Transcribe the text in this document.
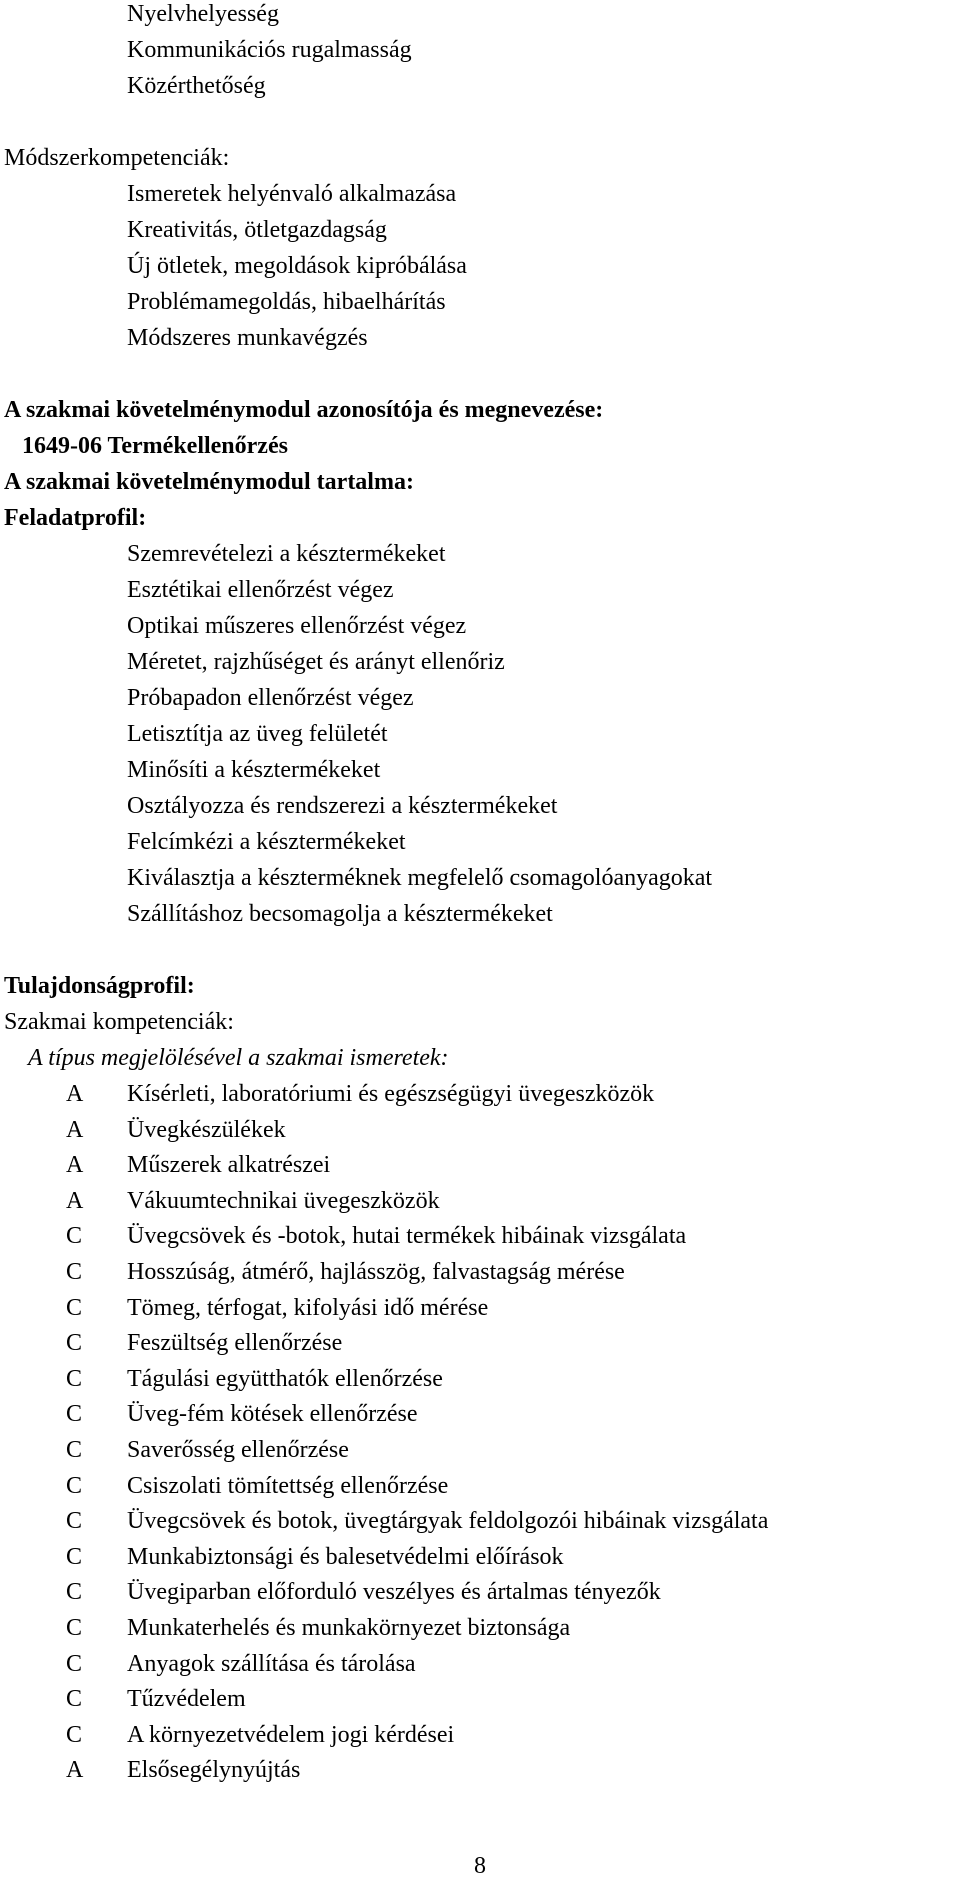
Nyelvhelyesség
Kommunikációs rugalmasság
Közérthetőség
Módszerkompetenciák:
Ismeretek helyénvaló alkalmazása
Kreativitás, ötletgazdagság
Új ötletek, megoldások kipróbálása
Problémamegoldás, hibaelhárítás
Módszeres munkavégzés
A szakmai követelménymodul azonosítója és megnevezése:
1649-06 Termékellenőrzés
A szakmai követelménymodul tartalma:
Feladatprofil:
Szemrevételezi a késztermékeket
Esztétikai ellenőrzést végez
Optikai műszeres ellenőrzést végez
Méretet, rajzhűséget és arányt ellenőriz
Próbapadon ellenőrzést végez
Letisztítja az üveg felületét
Minősíti a késztermékeket
Osztályozza és rendszerezi a késztermékeket
Felcímkézi a késztermékeket
Kiválasztja a készterméknek megfelelő csomagolóanyagokat
Szállításhoz becsomagolja a késztermékeket
Tulajdonságprofil:
Szakmai kompetenciák:
A típus megjelölésével a szakmai ismeretek:
A Kísérleti, laboratóriumi és egészségügyi üvegeszközök
A Üvegkészülékek
A Műszerek alkatrészei
A Vákuumtechnikai üvegeszközök
C Üvegcsövek és -botok, hutai termékek hibáinak vizsgálata
C Hosszúság, átmérő, hajlásszög, falvastagság mérése
C Tömeg, térfogat, kifolyási idő mérése
C Feszültség ellenőrzése
C Tágulási együtthatók ellenőrzése
C Üveg-fém kötések ellenőrzése
C Saverősség ellenőrzése
C Csiszolati tömítettség ellenőrzése
C Üvegcsövek és botok, üvegtárgyak feldolgozói hibáinak vizsgálata
C Munkabiztonsági és balesetvédelmi előírások
C Üvegiparban előforduló veszélyes és ártalmas tényezők
C Munkaterhelés és munkakörnyezet biztonsága
C Anyagok szállítása és tárolása
C Tűzvédelem
C A környezetvédelem jogi kérdései
A Elsősegélynyújtás
8
